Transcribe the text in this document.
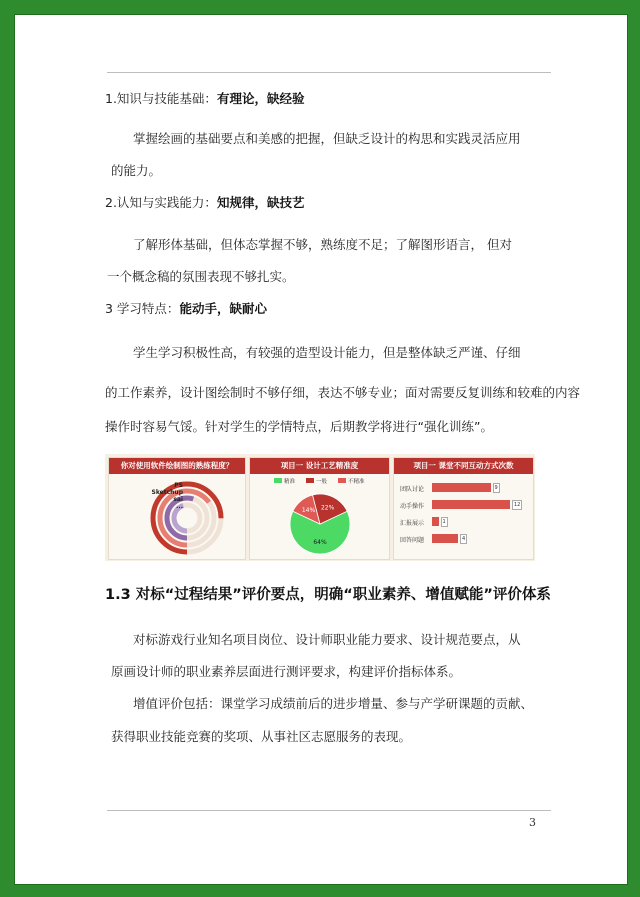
1.知识与技能基础：有理论，缺经验
掌握绘画的基础要点和美感的把握，但缺乏设计的构思和实践灵活应用
的能力。
2.认知与实践能力：知规律，缺技艺
了解形体基础，但体态掌握不够，熟练度不足；了解图形语言， 但对
一个概念稿的氛围表现不够扎实。
3 学习特点：能动手，缺耐心
学生学习积极性高，有较强的造型设计能力，但是整体缺乏严谨、仔细
的工作素养，设计图绘制时不够仔细，表达不够专业；面对需要反复训练和较难的内容
操作时容易气馁。针对学生的学情特点，后期教学将进行“强化训练”。
你对使用软件绘制图的熟练程度？
PS
Sketchup
sai
...
项目一 设计工艺精准度
精准	一般	不精准
64%
14% 22%
项目一 课堂不同互动方式次数
团队讨论	9
动手操作	12
汇报展示	1
回答问题	4
1.3 对标“过程结果”评价要点，明确“职业素养、增值赋能”评价体系
对标游戏行业知名项目岗位、设计师职业能力要求、设计规范要点，从
原画设计师的职业素养层面进行测评要求，构建评价指标体系。
增值评价包括：课堂学习成绩前后的进步增量、参与产学研课题的贡献、
获得职业技能竞赛的奖项、从事社区志愿服务的表现。
3
